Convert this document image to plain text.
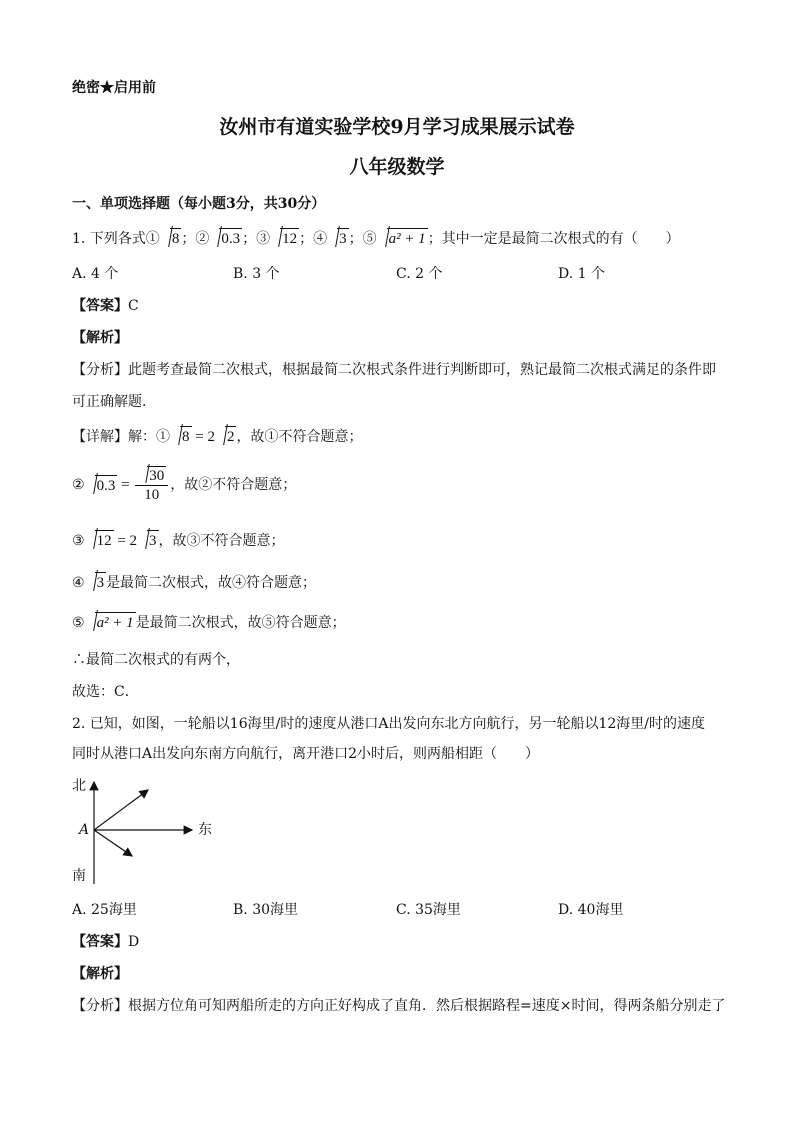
绝密★启用前
汝州市有道实验学校9月学习成果展示试卷
八年级数学
一、单项选择题（每小题3分，共30分）
1. 下列各式① 8 ；② 0.3 ；③ 12 ；④ 3 ；⑤ a² + 1 ；其中一定是最简二次根式的有（　　）
A. 4 个	B. 3 个	C. 2 个	D. 1 个
【答案】C
【解析】
【分析】此题考查最简二次根式，根据最简二次根式条件进行判断即可，熟记最简二次根式满足的条件即
可正确解题．
【详解】解：① 8 = 2 2 ，故①不符合题意；
② $0.3 = \frac{30}{10}$ ，故②不符合题意；
③ 12 = 2 3 ，故③不符合题意；
④ 3 是最简二次根式，故④符合题意；
⑤ a² + 1 是最简二次根式，故⑤符合题意；
∴最简二次根式的有两个，
故选：C．
2. 已知，如图，一轮船以16海里/时的速度从港口A出发向东北方向航行，另一轮船以12海里/时的速度
同时从港口A出发向东南方向航行，离开港口2小时后，则两船相距（　　）
北
A	东
南
A. 25海里	B. 30海里	C. 35海里	D. 40海里
【答案】D
【解析】
【分析】根据方位角可知两船所走的方向正好构成了直角．然后根据路程=速度×时间，得两条船分别走了
